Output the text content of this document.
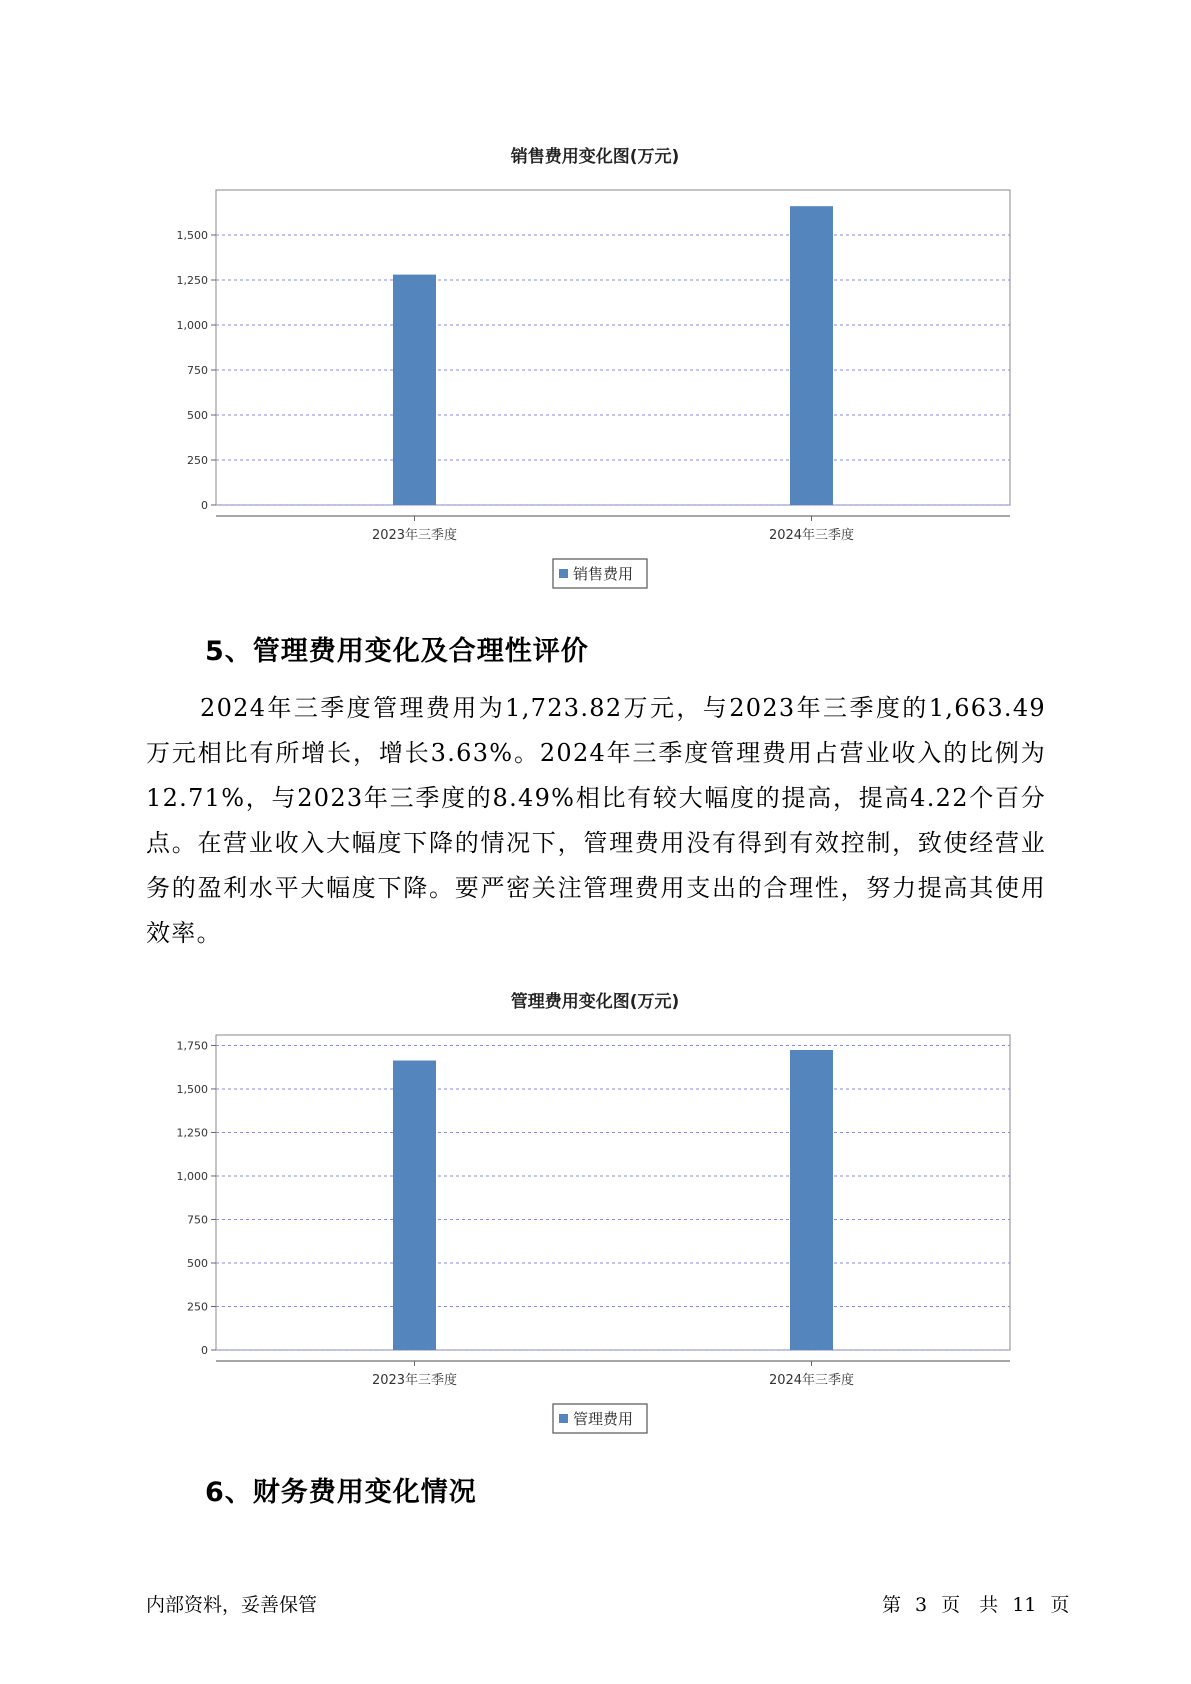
销售费用变化图(万元)
0
250
500
750
1,000
1,250
1,500
2023年三季度	2024年三季度
销售费用
5、管理费用变化及合理性评价

2024年三季度管理费用为1,723.82万元，与2023年三季度的1,663.49万元相比有所增长，增长3.63%。2024年三季度管理费用占营业收入的比例为12.71%，与2023年三季度的8.49%相比有较大幅度的提高，提高4.22个百分点。在营业收入大幅度下降的情况下，管理费用没有得到有效控制，致使经营业务的盈利水平大幅度下降。要严密关注管理费用支出的合理性，努力提高其使用效率。

管理费用变化图(万元)
0
250
500
750
1,000
1,250
1,500
1,750
2023年三季度	2024年三季度
管理费用
6、财务费用变化情况
内部资料，妥善保管	第 3 页　共 11 页
